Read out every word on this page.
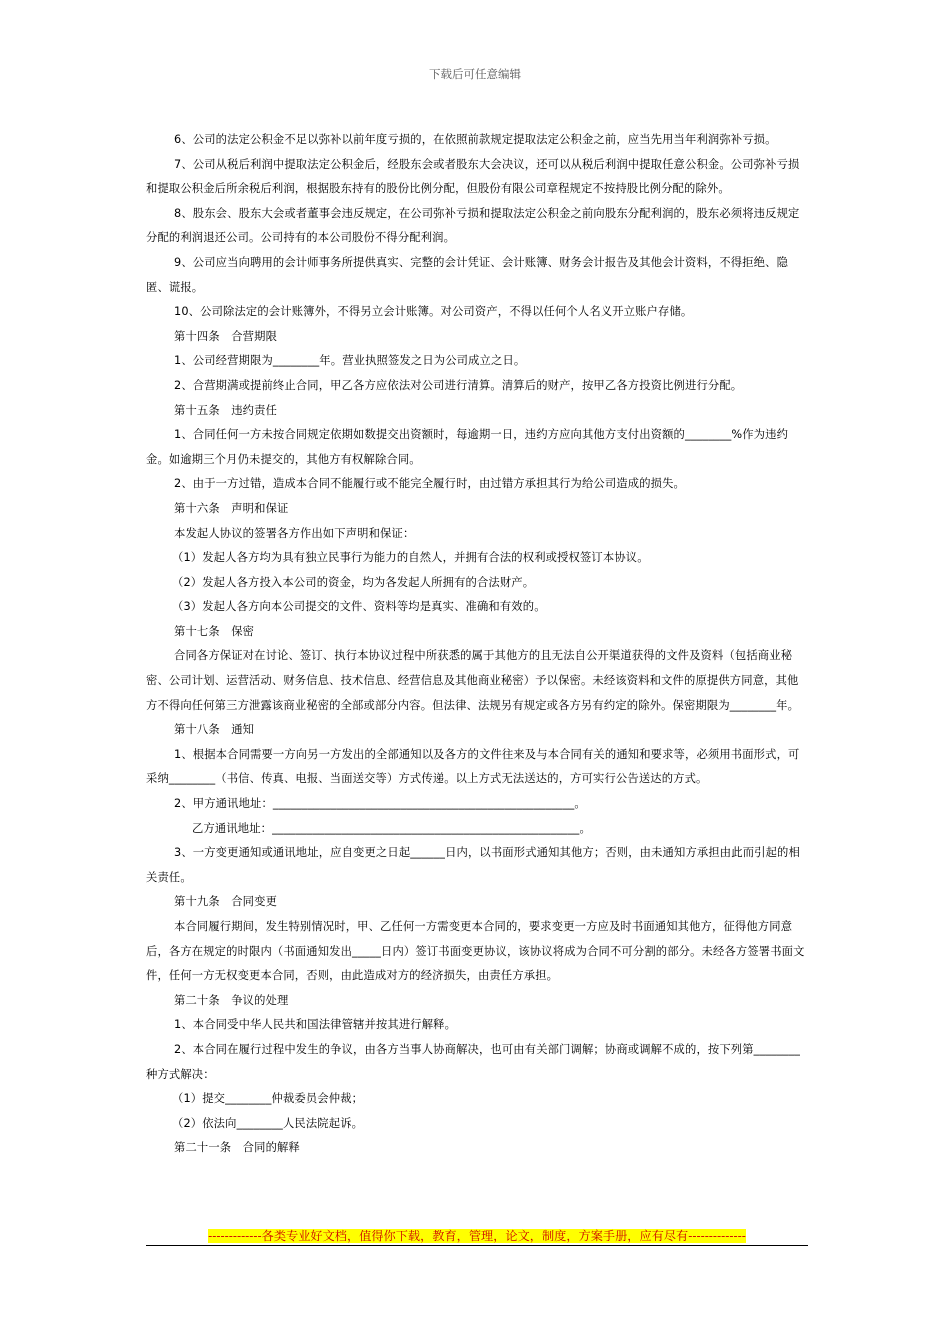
下载后可任意编辑

6、公司的法定公积金不足以弥补以前年度亏损的，在依照前款规定提取法定公积金之前，应当先用当年利润弥补亏损。

7、公司从税后利润中提取法定公积金后，经股东会或者股东大会决议，还可以从税后利润中提取任意公积金。公司弥补亏损和提取公积金后所余税后利润，根据股东持有的股份比例分配，但股份有限公司章程规定不按持股比例分配的除外。

8、股东会、股东大会或者董事会违反规定，在公司弥补亏损和提取法定公积金之前向股东分配利润的，股东必须将违反规定分配的利润退还公司。公司持有的本公司股份不得分配利润。

9、公司应当向聘用的会计师事务所提供真实、完整的会计凭证、会计账簿、财务会计报告及其他会计资料，不得拒绝、隐匿、谎报。

10、公司除法定的会计账簿外，不得另立会计账簿。对公司资产，不得以任何个人名义开立账户存储。

第十四条　合营期限

1、公司经营期限为________年。营业执照签发之日为公司成立之日。

2、合营期满或提前终止合同，甲乙各方应依法对公司进行清算。清算后的财产，按甲乙各方投资比例进行分配。

第十五条　违约责任

1、合同任何一方未按合同规定依期如数提交出资额时，每逾期一日，违约方应向其他方支付出资额的________%作为违约金。如逾期三个月仍未提交的，其他方有权解除合同。

2、由于一方过错，造成本合同不能履行或不能完全履行时，由过错方承担其行为给公司造成的损失。

第十六条　声明和保证

本发起人协议的签署各方作出如下声明和保证：

（1）发起人各方均为具有独立民事行为能力的自然人，并拥有合法的权利或授权签订本协议。

（2）发起人各方投入本公司的资金，均为各发起人所拥有的合法财产。

（3）发起人各方向本公司提交的文件、资料等均是真实、准确和有效的。

第十七条　保密

合同各方保证对在讨论、签订、执行本协议过程中所获悉的属于其他方的且无法自公开渠道获得的文件及资料（包括商业秘密、公司计划、运营活动、财务信息、技术信息、经营信息及其他商业秘密）予以保密。未经该资料和文件的原提供方同意，其他方不得向任何第三方泄露该商业秘密的全部或部分内容。但法律、法规另有规定或各方另有约定的除外。保密期限为________年。

第十八条　通知

1、根据本合同需要一方向另一方发出的全部通知以及各方的文件往来及与本合同有关的通知和要求等，必须用书面形式，可采纳________（书信、传真、电报、当面送交等）方式传递。以上方式无法送达的，方可实行公告送达的方式。

2、甲方通讯地址：____________________________________________________。

乙方通讯地址：_____________________________________________________。

3、一方变更通知或通讯地址，应自变更之日起______日内，以书面形式通知其他方；否则，由未通知方承担由此而引起的相关责任。

第十九条　合同变更

本合同履行期间，发生特别情况时，甲、乙任何一方需变更本合同的，要求变更一方应及时书面通知其他方，征得他方同意后，各方在规定的时限内（书面通知发出_____日内）签订书面变更协议，该协议将成为合同不可分割的部分。未经各方签署书面文件，任何一方无权变更本合同，否则，由此造成对方的经济损失，由责任方承担。

第二十条　争议的处理

1、本合同受中华人民共和国法律管辖并按其进行解释。

2、本合同在履行过程中发生的争议，由各方当事人协商解决，也可由有关部门调解；协商或调解不成的，按下列第________种方式解决：

（1）提交________仲裁委员会仲裁；

（2）依法向________人民法院起诉。

第二十一条　合同的解释

-------------各类专业好文档，值得你下载，教育，管理，论文，制度，方案手册，应有尽有--------------
